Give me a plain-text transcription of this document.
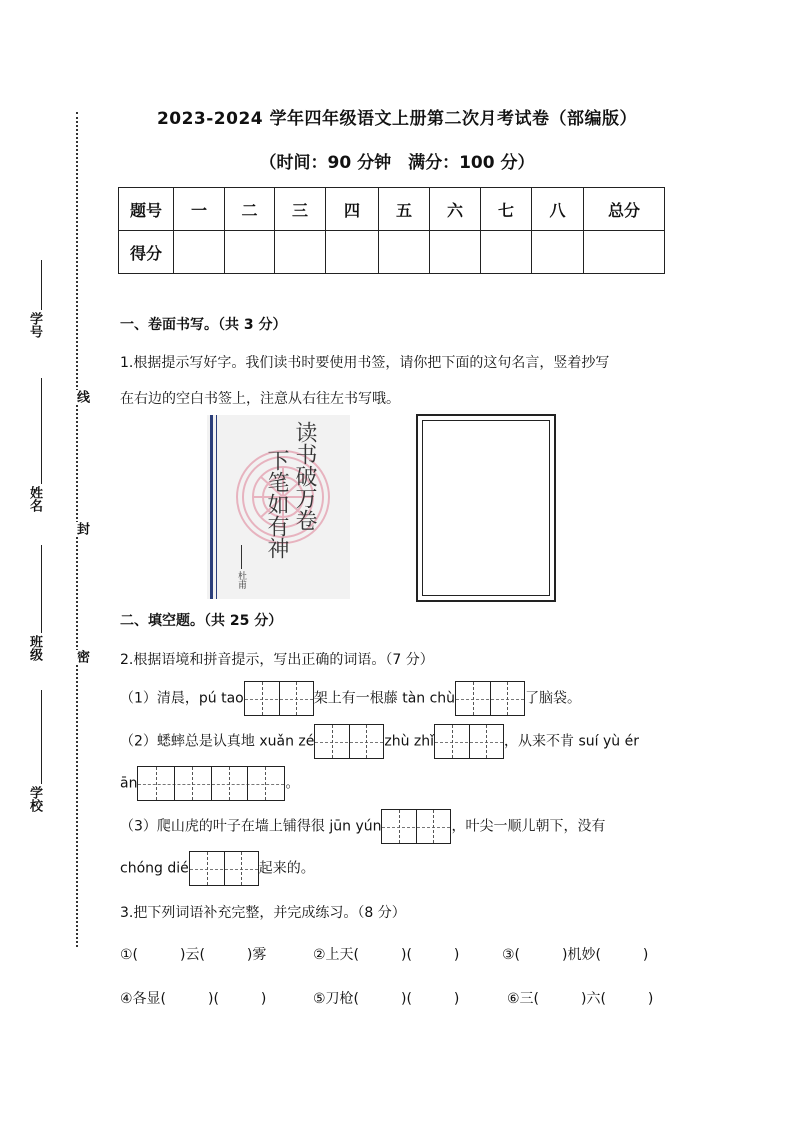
学号
姓名
班级
学校
线
封
密
2023-2024 学年四年级语文上册第二次月考试卷（部编版）
（时间：90 分钟　满分：100 分）
题号	一	二	三	四	五	六	七	八	总分
得分									
一、卷面书写。（共 3 分）
1.根据提示写好字。我们读书时要使用书签，请你把下面的这句名言，竖着抄写
在右边的空白书签上，注意从右往左书写哦。
读书破万卷
下笔如有神
杜甫
二、填空题。（共 25 分）
2.根据语境和拼音提示，写出正确的词语。（7 分）
（1）清晨，pú tao	架上有一根藤 tàn chù	了脑袋。
（2）蟋蟀总是认真地 xuǎn zé	zhù zhǐ	，从来不肯 suí yù ér
ān	。
（3）爬山虎的叶子在墙上铺得很 jūn yún	，叶尖一顺儿朝下，没有
chóng dié	起来的。
3.把下列词语补充完整，并完成练习。（8 分）
①(　　　)云(　　　)雾	②上天(　　　)(　　　)	③(　　　)机妙(　　　)
④各显(　　　)(　　　)	⑤刀枪(　　　)(　　　)	⑥三(　　　)六(　　　)
